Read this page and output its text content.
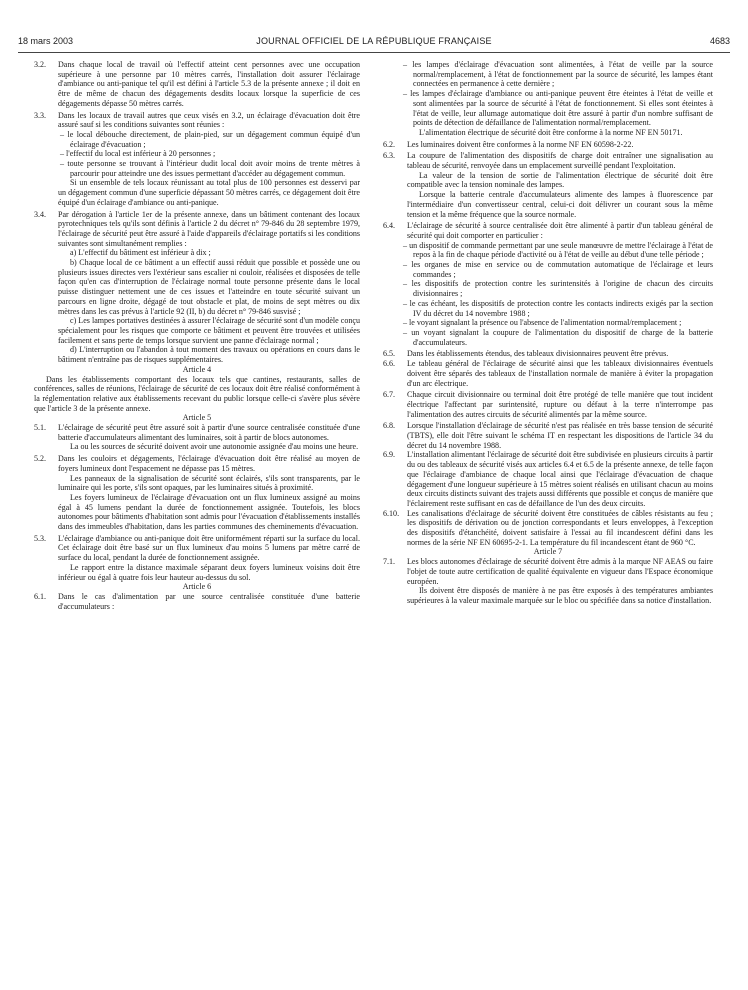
18 mars 2003	JOURNAL OFFICIEL DE LA RÉPUBLIQUE FRANÇAISE	4683

3.2. Dans chaque local de travail où l'effectif atteint cent personnes avec une occupation supérieure à une personne par 10 mètres carrés, l'installation doit assurer l'éclairage d'ambiance ou anti-panique tel qu'il est défini à l'article 5.3 de la présente annexe ; il doit en être de même de chacun des dégagements desdits locaux lorsque la superficie de ces dégagements dépasse 50 mètres carrés.

3.3. Dans les locaux de travail autres que ceux visés en 3.2, un éclairage d'évacuation doit être assuré sauf si les conditions suivantes sont réunies :

– le local débouche directement, de plain-pied, sur un dégagement commun équipé d'un éclairage d'évacuation ;

– l'effectif du local est inférieur à 20 personnes ;

– toute personne se trouvant à l'intérieur dudit local doit avoir moins de trente mètres à parcourir pour atteindre une des issues permettant d'accéder au dégagement commun.

Si un ensemble de tels locaux réunissant au total plus de 100 personnes est desservi par un dégagement commun d'une superficie dépassant 50 mètres carrés, ce dégagement doit être équipé d'un éclairage d'ambiance ou anti-panique.

3.4. Par dérogation à l'article 1er de la présente annexe, dans un bâtiment contenant des locaux pyrotechniques tels qu'ils sont définis à l'article 2 du décret n° 79-846 du 28 septembre 1979, l'éclairage de sécurité peut être assuré à l'aide d'appareils d'éclairage portatifs si les conditions suivantes sont simultanément remplies :

a) L'effectif du bâtiment est inférieur à dix ;

b) Chaque local de ce bâtiment a un effectif aussi réduit que possible et possède une ou plusieurs issues directes vers l'extérieur sans escalier ni couloir, réalisées et disposées de telle façon qu'en cas d'interruption de l'éclairage normal toute personne présente dans le local puisse distinguer nettement une de ces issues et l'atteindre en toute sécurité suivant un parcours en ligne droite, dégagé de tout obstacle et plat, de moins de sept mètres ou dix mètres dans les cas prévus à l'article 92 (II, b) du décret n° 79-846 susvisé ;

c) Les lampes portatives destinées à assurer l'éclairage de sécurité sont d'un modèle conçu spécialement pour les risques que comporte ce bâtiment et peuvent être trouvées et utilisées facilement et sans perte de temps lorsque survient une panne d'éclairage normal ;

d) L'interruption ou l'abandon à tout moment des travaux ou opérations en cours dans le bâtiment n'entraîne pas de risques supplémentaires.

Article 4

Dans les établissements comportant des locaux tels que cantines, restaurants, salles de conférences, salles de réunions, l'éclairage de sécurité de ces locaux doit être réalisé conformément à la réglementation relative aux établissements recevant du public lorsque celle-ci s'avère plus sévère que l'article 3 de la présente annexe.

Article 5

5.1. L'éclairage de sécurité peut être assuré soit à partir d'une source centralisée constituée d'une batterie d'accumulateurs alimentant des luminaires, soit à partir de blocs autonomes.

La ou les sources de sécurité doivent avoir une autonomie assignée d'au moins une heure.

5.2. Dans les couloirs et dégagements, l'éclairage d'évacuation doit être réalisé au moyen de foyers lumineux dont l'espacement ne dépasse pas 15 mètres.

Les panneaux de la signalisation de sécurité sont éclairés, s'ils sont transparents, par le luminaire qui les porte, s'ils sont opaques, par les luminaires situés à proximité.

Les foyers lumineux de l'éclairage d'évacuation ont un flux lumineux assigné au moins égal à 45 lumens pendant la durée de fonctionnement assignée. Toutefois, les blocs autonomes pour bâtiments d'habitation sont admis pour l'évacuation d'établissements installés dans des immeubles d'habitation, dans les parties communes des cheminements d'évacuation.

5.3. L'éclairage d'ambiance ou anti-panique doit être uniformément réparti sur la surface du local. Cet éclairage doit être basé sur un flux lumineux d'au moins 5 lumens par mètre carré de surface du local, pendant la durée de fonctionnement assignée.

Le rapport entre la distance maximale séparant deux foyers lumineux voisins doit être inférieur ou égal à quatre fois leur hauteur au-dessus du sol.

Article 6

6.1. Dans le cas d'alimentation par une source centralisée constituée d'une batterie d'accumulateurs :

– les lampes d'éclairage d'évacuation sont alimentées, à l'état de veille par la source normal/remplacement, à l'état de fonctionnement par la source de sécurité, les lampes étant connectées en permanence à cette dernière ;

– les lampes d'éclairage d'ambiance ou anti-panique peuvent être éteintes à l'état de veille et sont alimentées par la source de sécurité à l'état de fonctionnement. Si elles sont éteintes à l'état de veille, leur allumage automatique doit être assuré à partir d'un nombre suffisant de points de détection de défaillance de l'alimentation normal/remplacement.

L'alimentation électrique de sécurité doit être conforme à la norme NF EN 50171.

6.2. Les luminaires doivent être conformes à la norme NF EN 60598-2-22.

6.3. La coupure de l'alimentation des dispositifs de charge doit entraîner une signalisation au tableau de sécurité, renvoyée dans un emplacement surveillé pendant l'exploitation.

La valeur de la tension de sortie de l'alimentation électrique de sécurité doit être compatible avec la tension nominale des lampes.

Lorsque la batterie centrale d'accumulateurs alimente des lampes à fluorescence par l'intermédiaire d'un convertisseur central, celui-ci doit délivrer un courant sous la même tension et la même fréquence que la source normale.

6.4. L'éclairage de sécurité à source centralisée doit être alimenté à partir d'un tableau général de sécurité qui doit comporter en particulier :

– un dispositif de commande permettant par une seule manœuvre de mettre l'éclairage à l'état de repos à la fin de chaque période d'activité ou à l'état de veille au début d'une telle période ;

– les organes de mise en service ou de commutation automatique de l'éclairage et leurs commandes ;

– les dispositifs de protection contre les surintensités à l'origine de chacun des circuits divisionnaires ;

– le cas échéant, les dispositifs de protection contre les contacts indirects exigés par la section IV du décret du 14 novembre 1988 ;

– le voyant signalant la présence ou l'absence de l'alimentation normal/remplacement ;

– un voyant signalant la coupure de l'alimentation du dispositif de charge de la batterie d'accumulateurs.

6.5. Dans les établissements étendus, des tableaux divisionnaires peuvent être prévus.

6.6. Le tableau général de l'éclairage de sécurité ainsi que les tableaux divisionnaires éventuels doivent être séparés des tableaux de l'installation normale de manière à éviter la propagation d'un arc électrique.

6.7. Chaque circuit divisionnaire ou terminal doit être protégé de telle manière que tout incident électrique l'affectant par surintensité, rupture ou défaut à la terre n'interrompe pas l'alimentation des autres circuits de sécurité alimentés par la même source.

6.8. Lorsque l'installation d'éclairage de sécurité n'est pas réalisée en très basse tension de sécurité (TBTS), elle doit l'être suivant le schéma IT en respectant les dispositions de l'article 34 du décret du 14 novembre 1988.

6.9. L'installation alimentant l'éclairage de sécurité doit être subdivisée en plusieurs circuits à partir du ou des tableaux de sécurité visés aux articles 6.4 et 6.5 de la présente annexe, de telle façon que l'éclairage d'ambiance de chaque local ainsi que l'éclairage d'évacuation de chaque dégagement d'une longueur supérieure à 15 mètres soient réalisés en utilisant chacun au moins deux circuits distincts suivant des trajets aussi différents que possible et conçus de manière que l'éclairement reste suffisant en cas de défaillance de l'un des deux circuits.

6.10. Les canalisations d'éclairage de sécurité doivent être constituées de câbles résistants au feu ; les dispositifs de dérivation ou de jonction correspondants et leurs enveloppes, à l'exception des dispositifs d'étanchéité, doivent satisfaire à l'essai au fil incandescent défini dans les normes de la série NF EN 60695-2-1. La température du fil incandescent étant de 960 °C.

Article 7

7.1. Les blocs autonomes d'éclairage de sécurité doivent être admis à la marque NF AEAS ou faire l'objet de toute autre certification de qualité équivalente en vigueur dans l'Espace économique européen.

Ils doivent être disposés de manière à ne pas être exposés à des températures ambiantes supérieures à la valeur maximale marquée sur le bloc ou spécifiée dans sa notice d'installation.
